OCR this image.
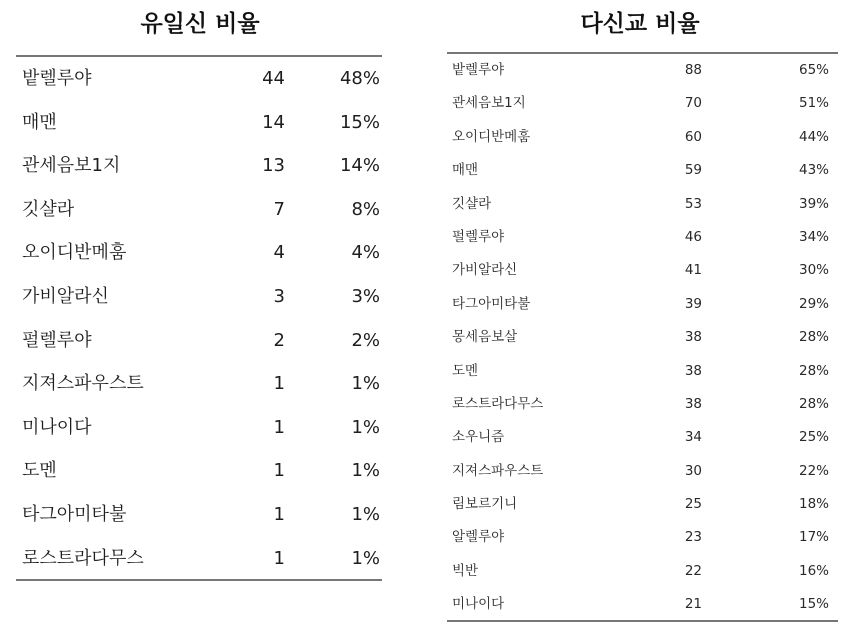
유일신 비율
밭렐루야	44	48%
매맨	14	15%
관세음보1지	13	14%
깃샬라	7	8%
오이디반메훔	4	4%
가비알라신	3	3%
펄렐루야	2	2%
지져스파우스트	1	1%
미나이다	1	1%
도멘	1	1%
타그아미타불	1	1%
로스트라다무스	1	1%
다신교 비율
밭렐루야	88	65%
관세음보1지	70	51%
오이디반메훔	60	44%
매맨	59	43%
깃샬라	53	39%
펄렐루야	46	34%
가비알라신	41	30%
타그아미타불	39	29%
몽세음보살	38	28%
도멘	38	28%
로스트라다무스	38	28%
소우니즘	34	25%
지져스파우스트	30	22%
림보르기니	25	18%
알렐루야	23	17%
빅반	22	16%
미나이다	21	15%
